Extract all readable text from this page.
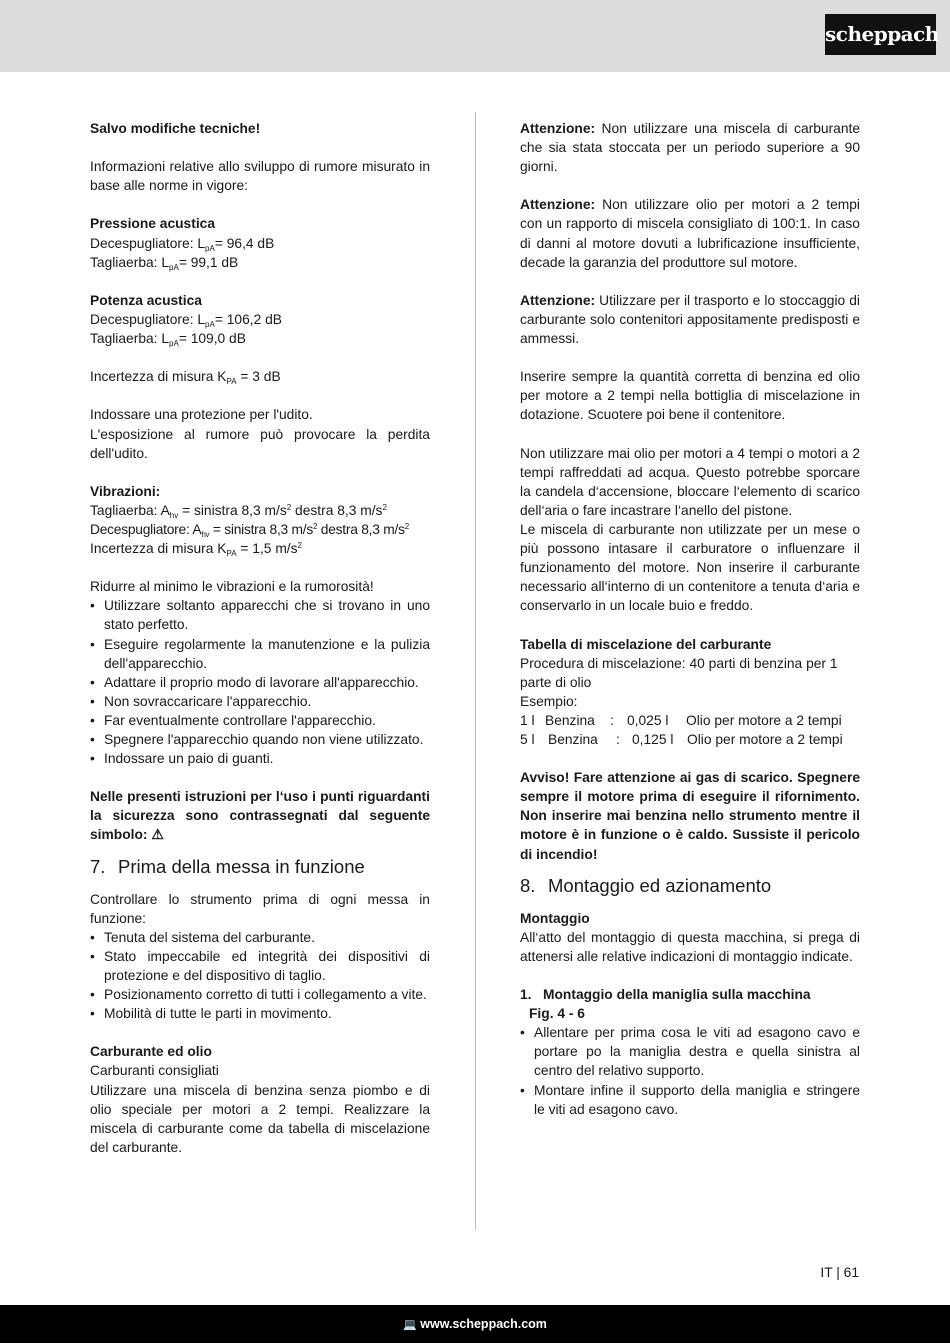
scheppach

Salvo modifiche tecniche!

Informazioni relative allo sviluppo di rumore misurato in base alle norme in vigore:

Pressione acustica

Decespugliatore: $L_{pA}= 96,4$ dB

Tagliaerba: $L_{pA}= 99,1$ dB

Potenza acustica

Decespugliatore: $L_{pA}= 106,2$ dB

Tagliaerba: $L_{pA}= 109,0$ dB

Incertezza di misura $K_{PA} = 3$ dB

Indossare una protezione per l'udito.

L'esposizione al rumore può provocare la perdita dell'udito.

Vibrazioni:

Tagliaerba: $A_{hv}$ = sinistra 8,3 $m/s^2$ destra 8,3 $m/s^2$

Decespugliatore: $A_{hv}$ = sinistra 8,3 $m/s^2$ destra 8,3 $m/s^2$

Incertezza di misura $K_{PA} = 1,5$ $m/s^2$

Ridurre al minimo le vibrazioni e la rumorosità!

• Utilizzare soltanto apparecchi che si trovano in uno stato perfetto.
• Eseguire regolarmente la manutenzione e la pulizia dell'apparecchio.
• Adattare il proprio modo di lavorare all'apparecchio.
• Non sovraccaricare l'apparecchio.
• Far eventualmente controllare l'apparecchio.
• Spegnere l'apparecchio quando non viene utilizzato.
• Indossare un paio di guanti.

Nelle presenti istruzioni per l‘uso i punti riguardanti la sicurezza sono contrassegnati dal seguente simbolo: ⚠

7. Prima della messa in funzione

Controllare lo strumento prima di ogni messa in funzione:

• Tenuta del sistema del carburante.
• Stato impeccabile ed integrità dei dispositivi di protezione e del dispositivo di taglio.
• Posizionamento corretto di tutti i collegamento a vite.
• Mobilità di tutte le parti in movimento.

Carburante ed olio

Carburanti consigliati

Utilizzare una miscela di benzina senza piombo e di olio speciale per motori a 2 tempi. Realizzare la miscela di carburante come da tabella di miscelazione del carburante.

Attenzione: Non utilizzare una miscela di carburante che sia stata stoccata per un periodo superiore a 90 giorni.

Attenzione: Non utilizzare olio per motori a 2 tempi con un rapporto di miscela consigliato di 100:1. In caso di danni al motore dovuti a lubrificazione insufficiente, decade la garanzia del produttore sul motore.

Attenzione: Utilizzare per il trasporto e lo stoccaggio di carburante solo contenitori appositamente predisposti e ammessi.

Inserire sempre la quantità corretta di benzina ed olio per motore a 2 tempi nella bottiglia di miscelazione in dotazione. Scuotere poi bene il contenitore.

Non utilizzare mai olio per motori a 4 tempi o motori a 2 tempi raffreddati ad acqua. Questo potrebbe sporcare la candela d‘accensione, bloccare l‘elemento di scarico dell‘aria o fare incastrare l‘anello del pistone.

Le miscela di carburante non utilizzate per un mese o più possono intasare il carburatore o influenzare il funzionamento del motore. Non inserire il carburante necessario all‘interno di un contenitore a tenuta d‘aria e conservarlo in un locale buio e freddo.

Tabella di miscelazione del carburante

Procedura di miscelazione: 40 parti di benzina per 1 parte di olio

Esempio:

1 l Benzina	: 0,025 l	Olio per motore a 2 tempi
5 l Benzina	: 0,125 l Olio per motore a 2 tempi

Avviso! Fare attenzione ai gas di scarico. Spegnere sempre il motore prima di eseguire il rifornimento. Non inserire mai benzina nello strumento mentre il motore è in funzione o è caldo. Sussiste il pericolo di incendio!

8. Montaggio ed azionamento

Montaggio

All‘atto del montaggio di questa macchina, si prega di attenersi alle relative indicazioni di montaggio indicate.

1. Montaggio della maniglia sulla macchina

Fig. 4 - 6

• Allentare per prima cosa le viti ad esagono cavo e portare po la maniglia destra e quella sinistra al centro del relativo supporto.
• Montare infine il supporto della maniglia e stringere le viti ad esagono cavo.
IT | 61
💻 www.scheppach.com
